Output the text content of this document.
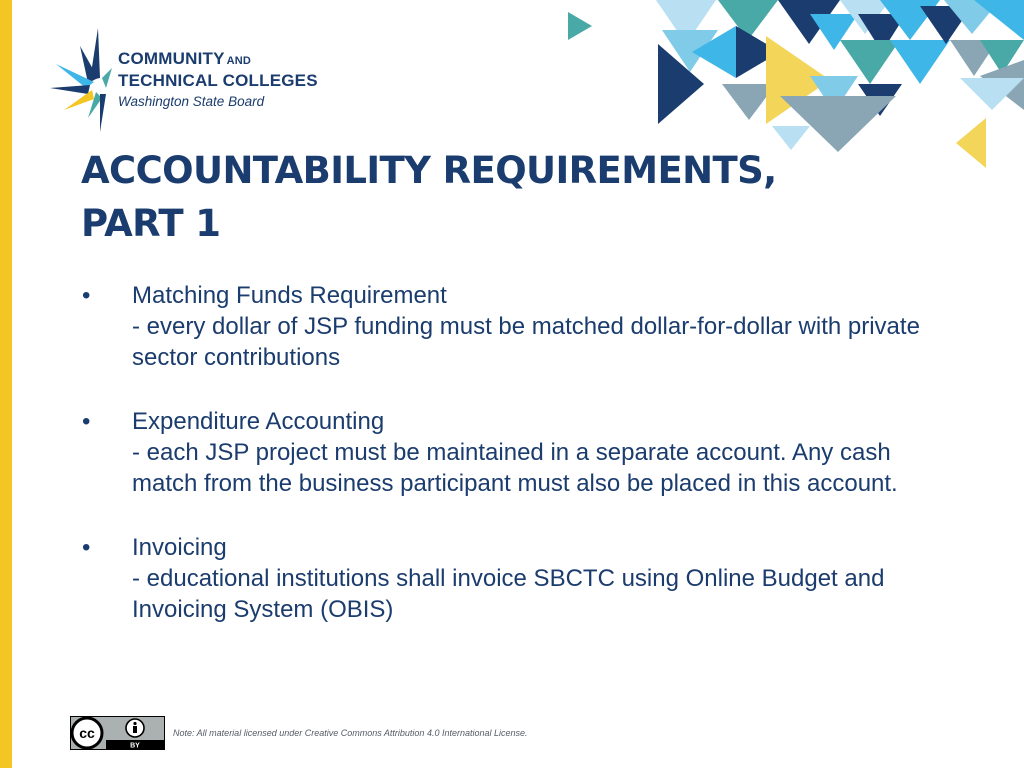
COMMUNITY AND
TECHNICAL COLLEGES
Washington State Board
ACCOUNTABILITY REQUIREMENTS,
PART 1
• Matching Funds Requirement
- every dollar of JSP funding must be matched dollar-for-dollar with private sector contributions
• Expenditure Accounting
- each JSP project must be maintained in a separate account. Any cash match from the business participant must also be placed in this account.
• Invoicing
- educational institutions shall invoice SBCTC using Online Budget and Invoicing System (OBIS)
cc
BY
Note: All material licensed under Creative Commons Attribution 4.0 International License.
